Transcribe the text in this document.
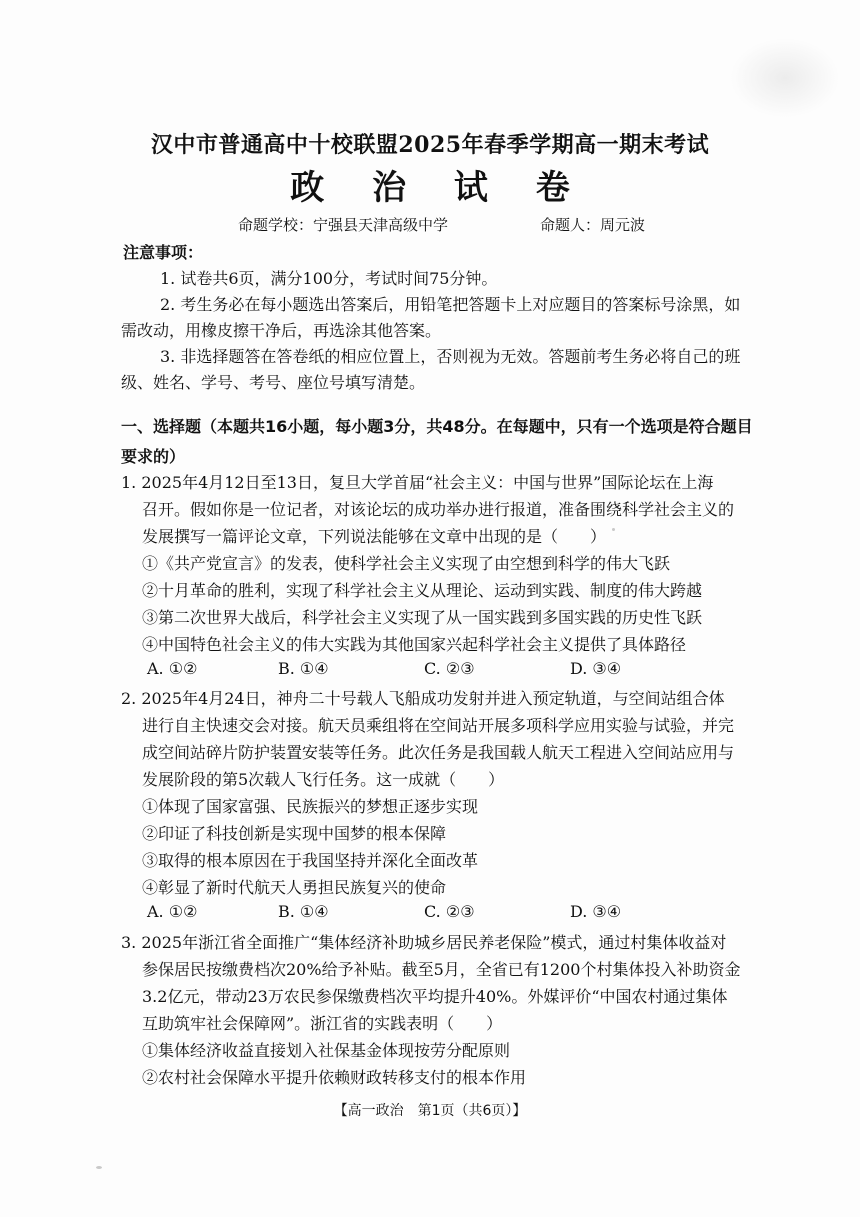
汉中市普通高中十校联盟2025年春季学期高一期末考试
政 治 试 卷
命题学校：宁强县天津高级中学	命题人：周元波
注意事项：
1. 试卷共6页，满分100分，考试时间75分钟。
2. 考生务必在每小题选出答案后，用铅笔把答题卡上对应题目的答案标号涂黑，如
需改动，用橡皮擦干净后，再选涂其他答案。
3. 非选择题答在答卷纸的相应位置上，否则视为无效。答题前考生务必将自己的班
级、姓名、学号、考号、座位号填写清楚。
一、选择题（本题共16小题，每小题3分，共48分。在每题中，只有一个选项是符合题目要求的）
1. 2025年4月12日至13日，复旦大学首届“社会主义：中国与世界”国际论坛在上海
召开。假如你是一位记者，对该论坛的成功举办进行报道，准备围绕科学社会主义的
发展撰写一篇评论文章，下列说法能够在文章中出现的是（　　）
①《共产党宣言》的发表，使科学社会主义实现了由空想到科学的伟大飞跃
②十月革命的胜利，实现了科学社会主义从理论、运动到实践、制度的伟大跨越
③第二次世界大战后，科学社会主义实现了从一国实践到多国实践的历史性飞跃
④中国特色社会主义的伟大实践为其他国家兴起科学社会主义提供了具体路径
A. ①②	B. ①④	C. ②③	D. ③④
2. 2025年4月24日，神舟二十号载人飞船成功发射并进入预定轨道，与空间站组合体
进行自主快速交会对接。航天员乘组将在空间站开展多项科学应用实验与试验，并完
成空间站碎片防护装置安装等任务。此次任务是我国载人航天工程进入空间站应用与
发展阶段的第5次载人飞行任务。这一成就（　　）
①体现了国家富强、民族振兴的梦想正逐步实现
②印证了科技创新是实现中国梦的根本保障
③取得的根本原因在于我国坚持并深化全面改革
④彰显了新时代航天人勇担民族复兴的使命
A. ①②	B. ①④	C. ②③	D. ③④
3. 2025年浙江省全面推广“集体经济补助城乡居民养老保险”模式，通过村集体收益对
参保居民按缴费档次20%给予补贴。截至5月，全省已有1200个村集体投入补助资金
3.2亿元，带动23万农民参保缴费档次平均提升40%。外媒评价“中国农村通过集体
互助筑牢社会保障网”。浙江省的实践表明（　　）
①集体经济收益直接划入社保基金体现按劳分配原则
②农村社会保障水平提升依赖财政转移支付的根本作用
【高一政治　第1页（共6页）】
